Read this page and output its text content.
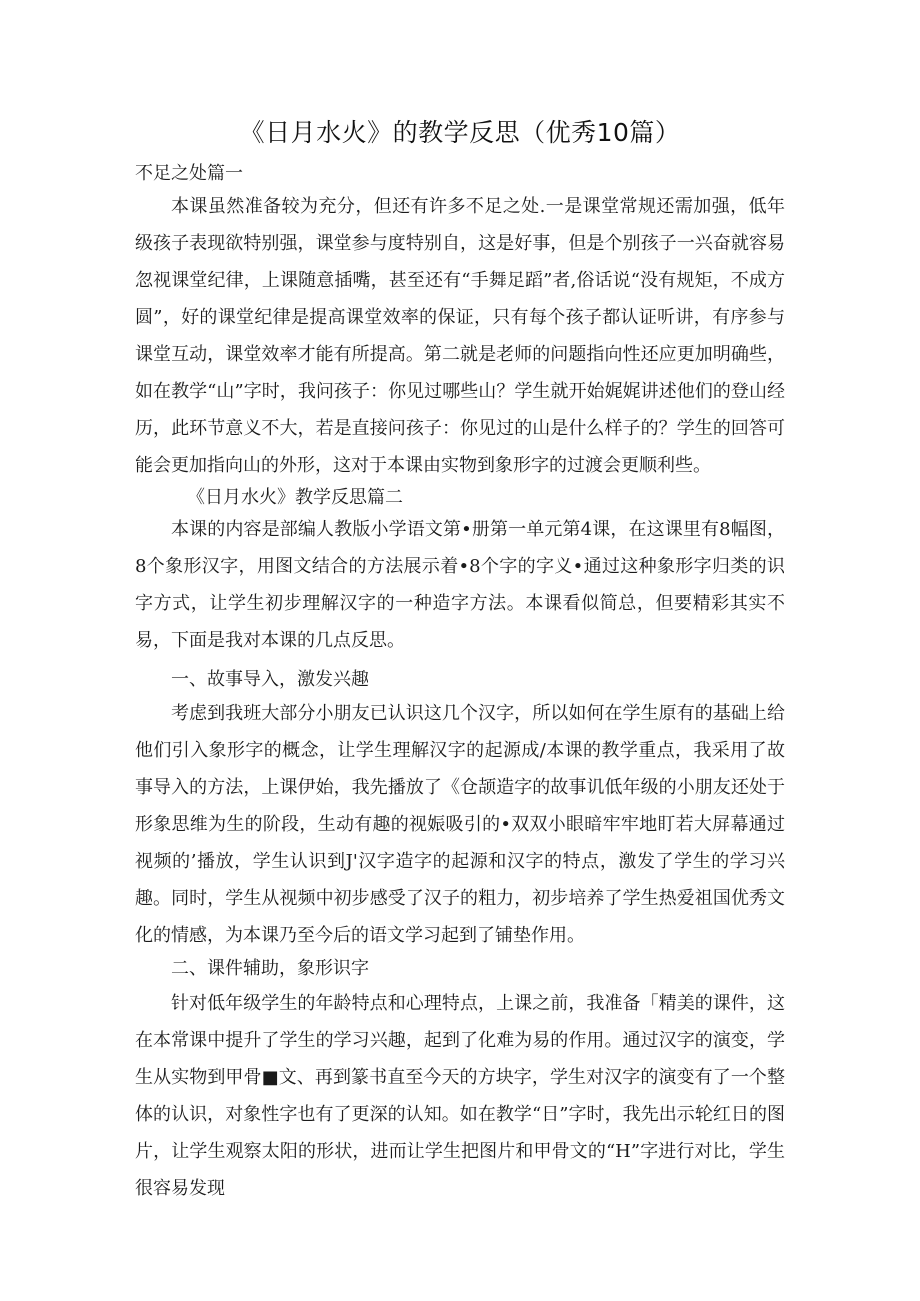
《日月水火》的教学反思（优秀10篇）
不足之处篇一

本课虽然准备较为充分，但还有许多不足之处.一是课堂常规还需加强，低年级孩子表现欲特别强，课堂参与度特别自，这是好事，但是个别孩子一兴奋就容易忽视课堂纪律，上课随意插嘴，甚至还有“手舞足蹈”者,俗话说“没有规矩，不成方圆”，好的课堂纪律是提高课堂效率的保证，只有每个孩子都认证听讲，有序参与课堂互动，课堂效率才能有所提高。第二就是老师的问题指向性还应更加明确些，如在教学“山”字时，我问孩子：你见过哪些山？学生就开始娓娓讲述他们的登山经历，此环节意义不大，若是直接问孩子：你见过的山是什么样子的？学生的回答可能会更加指向山的外形，这对于本课由实物到象形字的过渡会更顺利些。

《日月水火》教学反思篇二

本课的内容是部编人教版小学语文第•册第一单元第4课，在这课里有8幅图，8个象形汉字，用图文结合的方法展示着•8个字的字义•通过这种象形字归类的识字方式，让学生初步理解汉字的一种造字方法。本课看似简总，但要精彩其实不易，下面是我对本课的几点反思。

一、故事导入，激发兴趣

考虑到我班大部分小朋友已认识这几个汉字，所以如何在学生原有的基础上给他们引入象形字的概念，让学生理解汉字的起源成/本课的教学重点，我采用了故事导入的方法，上课伊始，我先播放了《仓颉造字的故事讥低年级的小朋友还处于形象思维为生的阶段，生动有趣的视娠吸引的•双双小眼暗牢牢地盯若大屏幕通过视频的’播放，学生认识到J'汉字造字的起源和汉字的特点，激发了学生的学习兴趣。同时，学生从视频中初步感受了汉子的粗力，初步培养了学生热爱祖国优秀文化的情感，为本课乃至今后的语文学习起到了铺垫作用。

二、课件辅助，象形识字

针对低年级学生的年龄特点和心理特点，上课之前，我准备「精美的课件，这在本常课中提升了学生的学习兴趣，起到了化难为易的作用。通过汉字的演变，学生从实物到甲骨■文、再到篆书直至今天的方块字，学生对汉字的演变有了一个整体的认识，对象性字也有了更深的认知。如在教学“日”字时，我先出示轮红日的图片，让学生观察太阳的形状，进而让学生把图片和甲骨文的“H”字进行对比，学生很容易发现
